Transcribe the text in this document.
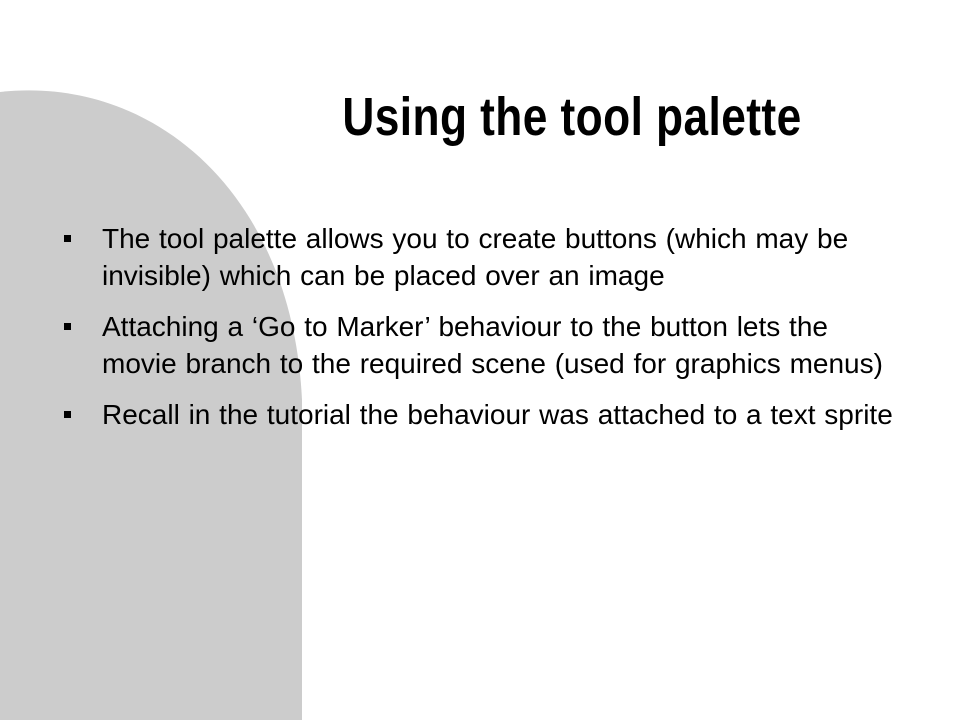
Using the tool palette
The tool palette allows you to create buttons (which may be invisible) which can be placed over an image
Attaching a ‘Go to Marker’ behaviour to the button lets the movie branch to the required scene (used for graphics menus)
Recall in the tutorial the behaviour was attached to a text sprite
